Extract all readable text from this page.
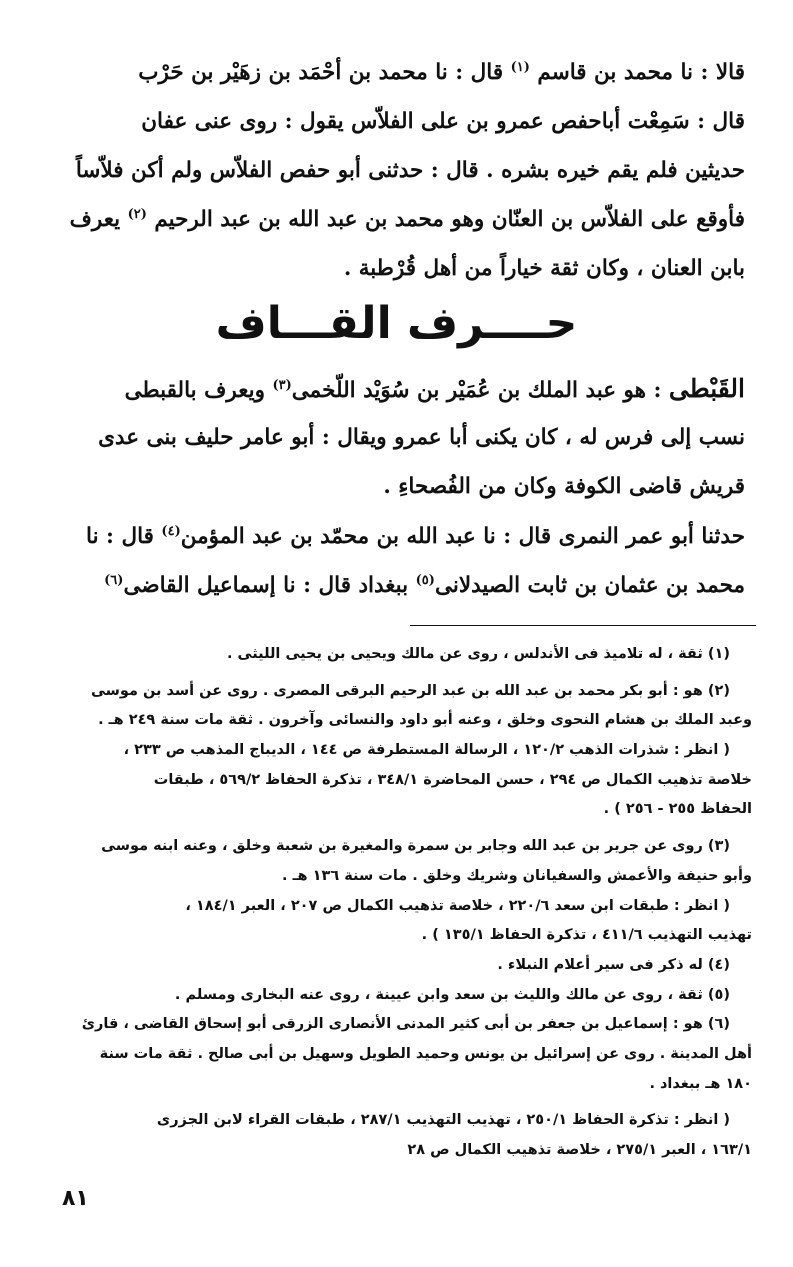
قالا : نا محمد بن قاسم $^{(١)}$ قال : نا محمد بن أحْمَد بن زهَيْر بن حَرْب
قال : سَمِعْت أباحفص عمرو بن على الفلاّس يقول : روى عنى عفان
حديثين فلم يقم خيره بشره . قال : حدثنى أبو حفص الفلاّس ولم أكن فلاّساً
فأوقع على الفلاّس بن العنّان وهو محمد بن عبد الله بن عبد الرحيم $^{(٢)}$ يعرف
بابن العنان ، وكان ثقة خياراً من أهل قُرْطبة .
حــــرف القـــاف
القَبْطى : هو عبد الملك بن عُمَيْر بن سُوَيْد اللّخمى$^{(٣)}$ ويعرف بالقبطى
نسب إلى فرس له ، كان يكنى أبا عمرو ويقال : أبو عامر حليف بنى عدى
قريش قاضى الكوفة وكان من الفُصحاءِ .
حدثنا أبو عمر النمرى قال : نا عبد الله بن محمّد بن عبد المؤمن$^{(٤)}$ قال : نا
محمد بن عثمان بن ثابت الصيدلانى$^{(٥)}$ ببغداد قال : نا إسماعيل القاضى$^{(٦)}$
(١) ثقة ، له تلاميذ فى الأندلس ، روى عن مالك ويحيى بن يحيى الليثى .
(٢) هو : أبو بكر محمد بن عبد الله بن عبد الرحيم البرقى المصرى . روى عن أسد بن موسى
وعبد الملك بن هشام النحوى وخلق ، وعنه أبو داود والنسائى وآخرون . ثقة مات سنة ٢٤٩ هـ .
( انظر : شذرات الذهب ١٢٠/٢ ، الرسالة المستطرفة ص ١٤٤ ، الديباج المذهب ص ٢٣٣ ،
خلاصة تذهيب الكمال ص ٢٩٤ ، حسن المحاضرة ٣٤٨/١ ، تذكرة الحفاظ ٥٦٩/٢ ، طبقات
الحفاظ ٢٥٥ - ٢٥٦ ) .
(٣) روى عن جرير بن عبد الله وجابر بن سمرة والمغيرة بن شعبة وخلق ، وعنه ابنه موسى
وأبو حنيفة والأعمش والسفيانان وشريك وخلق . مات سنة ١٣٦ هـ .
( انظر : طبقات ابن سعد ٢٢٠/٦ ، خلاصة تذهيب الكمال ص ٢٠٧ ، العبر ١٨٤/١ ،
تهذيب التهذيب ٤١١/٦ ، تذكرة الحفاظ ١٣٥/١ ) .
(٤) له ذكر فى سير أعلام النبلاء .
(٥) ثقة ، روى عن مالك والليث بن سعد وابن عيينة ، روى عنه البخارى ومسلم .
(٦) هو : إسماعيل بن جعفر بن أبى كثير المدنى الأنصارى الزرقى أبو إسحاق القاضى ، قارئ
أهل المدينة . روى عن إسرائيل بن يونس وحميد الطويل وسهيل بن أبى صالح . ثقة مات سنة
١٨٠ هـ ببغداد .
( انظر : تذكرة الحفاظ ٢٥٠/١ ، تهذيب التهذيب ٢٨٧/١ ، طبقات القراء لابن الجزرى
١٦٣/١ ، العبر ٢٧٥/١ ، خلاصة تذهيب الكمال ص ٢٨
٨١
